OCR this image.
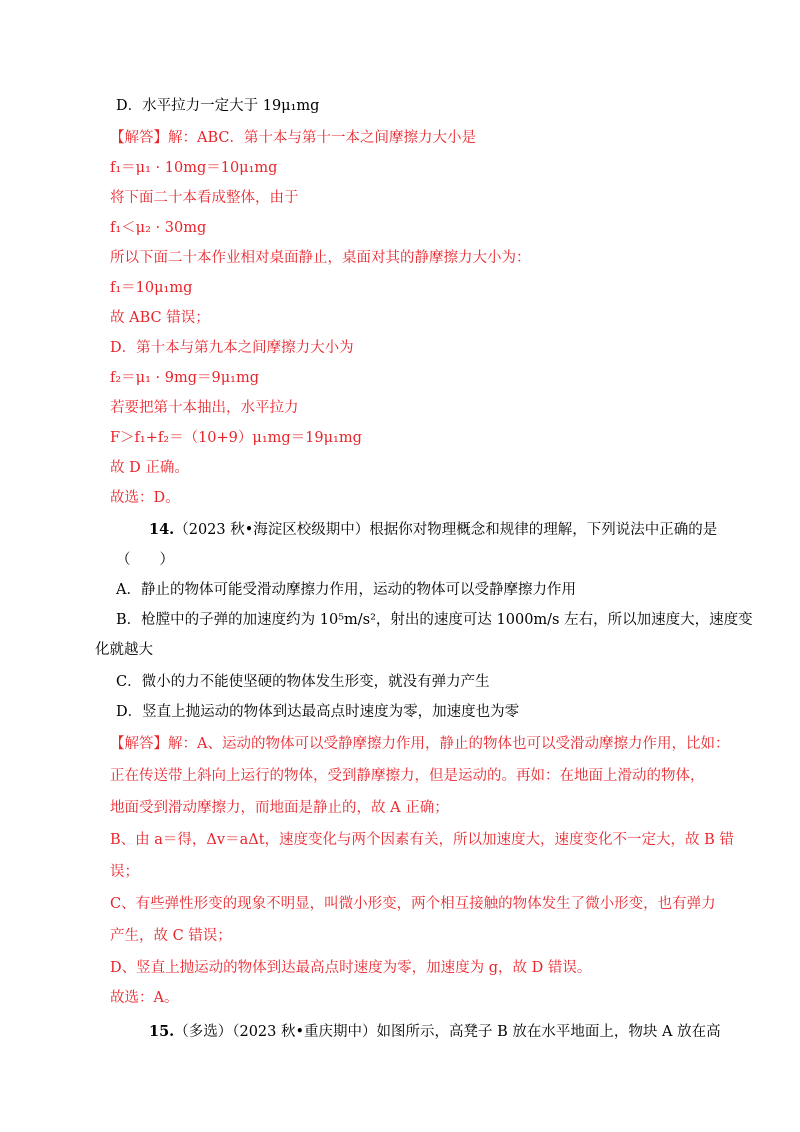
D．水平拉力一定大于 19μ₁mg
【解答】解：ABC．第十本与第十一本之间摩擦力大小是
f₁＝μ₁ · 10mg＝10μ₁mg
将下面二十本看成整体，由于
f₁＜μ₂ · 30mg
所以下面二十本作业相对桌面静止，桌面对其的静摩擦力大小为：
f₁＝10μ₁mg
故 ABC 错误；
D．第十本与第九本之间摩擦力大小为
f₂＝μ₁ · 9mg＝9μ₁mg
若要把第十本抽出，水平拉力
F＞f₁+f₂＝（10+9）μ₁mg＝19μ₁mg
故 D 正确。
故选：D。
14.（2023 秋•海淀区校级期中）根据你对物理概念和规律的理解，下列说法中正确的是
（　　）
A．静止的物体可能受滑动摩擦力作用，运动的物体可以受静摩擦力作用
B．枪膛中的子弹的加速度约为 10⁵m/s²，射出的速度可达 1000m/s 左右，所以加速度大，速度变
化就越大
C．微小的力不能使坚硬的物体发生形变，就没有弹力产生
D．竖直上抛运动的物体到达最高点时速度为零，加速度也为零
【解答】解：A、运动的物体可以受静摩擦力作用，静止的物体也可以受滑动摩擦力作用，比如：
正在传送带上斜向上运行的物体，受到静摩擦力，但是运动的。再如：在地面上滑动的物体，
地面受到滑动摩擦力，而地面是静止的，故 A 正确；
B、由 a＝得，Δv＝aΔt，速度变化与两个因素有关，所以加速度大，速度变化不一定大，故 B 错
误；
C、有些弹性形变的现象不明显，叫微小形变，两个相互接触的物体发生了微小形变，也有弹力
产生，故 C 错误；
D、竖直上抛运动的物体到达最高点时速度为零，加速度为 g，故 D 错误。
故选：A。
15.（多选）（2023 秋•重庆期中）如图所示，高凳子 B 放在水平地面上，物块 A 放在高
